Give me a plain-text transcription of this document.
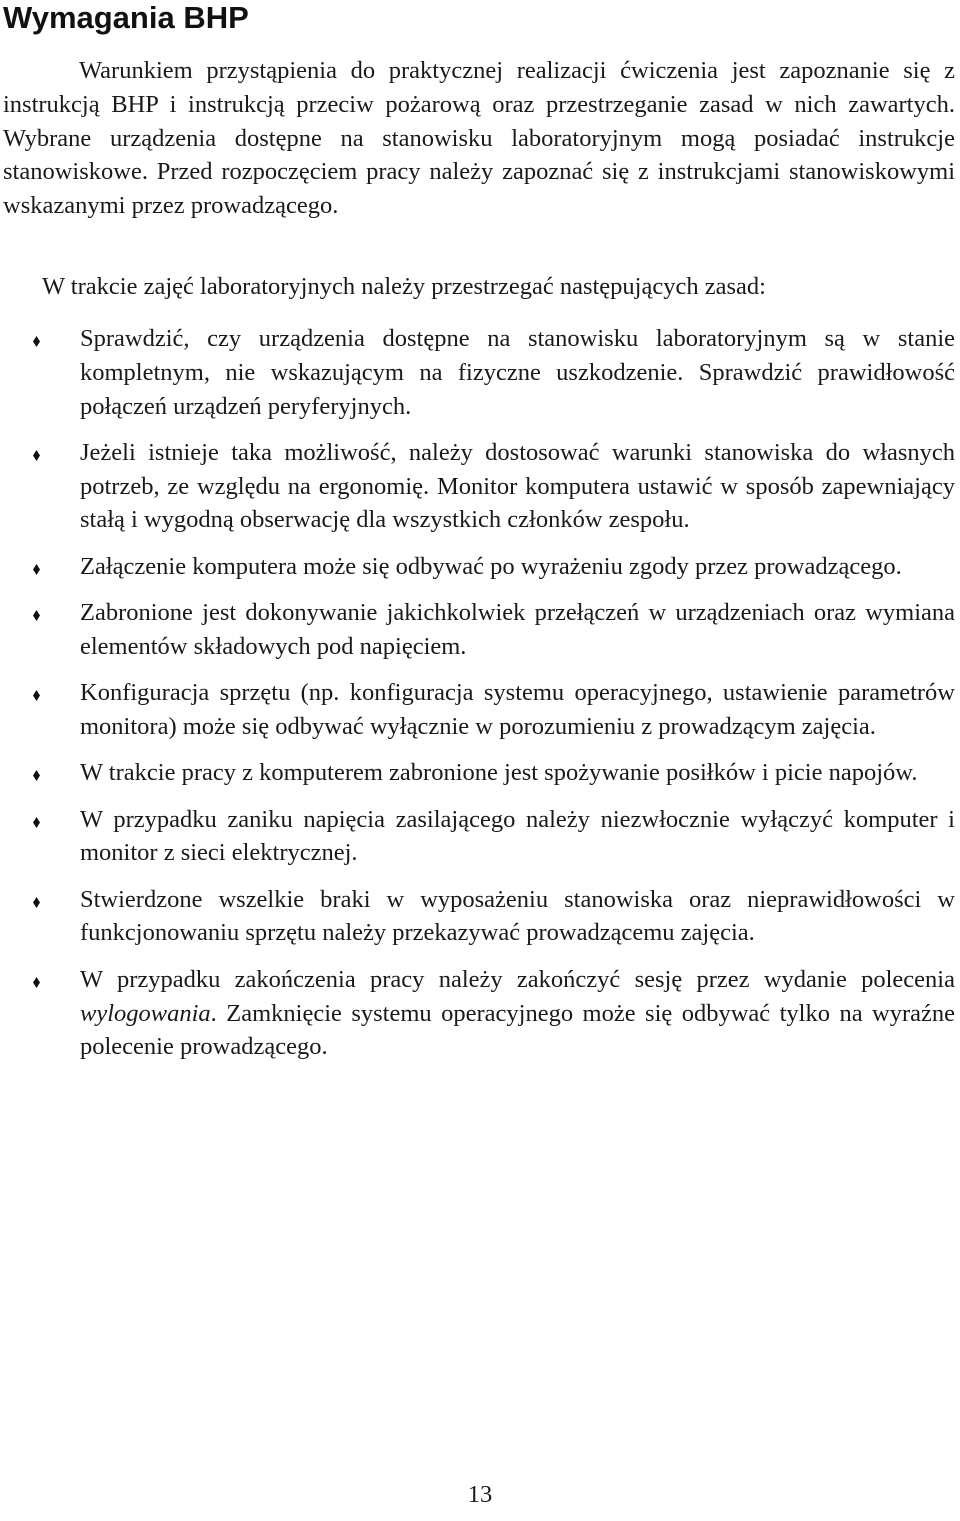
Wymagania BHP

Warunkiem przystąpienia do praktycznej realizacji ćwiczenia jest zapoznanie się z instrukcją BHP i instrukcją przeciw pożarową oraz przestrzeganie zasad w nich zawartych. Wybrane urządzenia dostępne na stanowisku laboratoryjnym mogą posiadać instrukcje stanowiskowe. Przed rozpoczęciem pracy należy zapoznać się z instrukcjami stanowiskowymi wskazanymi przez prowadzącego.

W trakcie zajęć laboratoryjnych należy przestrzegać następujących zasad:

Sprawdzić, czy urządzenia dostępne na stanowisku laboratoryjnym są w stanie kompletnym, nie wskazującym na fizyczne uszkodzenie. Sprawdzić prawidłowość połączeń urządzeń peryferyjnych.
Jeżeli istnieje taka możliwość, należy dostosować warunki stanowiska do własnych potrzeb, ze względu na ergonomię. Monitor komputera ustawić w sposób zapewniający stałą i wygodną obserwację dla wszystkich członków zespołu.
Załączenie komputera może się odbywać po wyrażeniu zgody przez prowadzącego.
Zabronione jest dokonywanie jakichkolwiek przełączeń w urządzeniach oraz wymiana elementów składowych pod napięciem.
Konfiguracja sprzętu (np. konfiguracja systemu operacyjnego, ustawienie parametrów monitora) może się odbywać wyłącznie w porozumieniu z prowadzącym zajęcia.
W trakcie pracy z komputerem zabronione jest spożywanie posiłków i picie napojów.
W przypadku zaniku napięcia zasilającego należy niezwłocznie wyłączyć komputer i monitor z sieci elektrycznej.
Stwierdzone wszelkie braki w wyposażeniu stanowiska oraz nieprawidłowości w funkcjonowaniu sprzętu należy przekazywać prowadzącemu zajęcia.
W przypadku zakończenia pracy należy zakończyć sesję przez wydanie polecenia wylogowania. Zamknięcie systemu operacyjnego może się odbywać tylko na wyraźne polecenie prowadzącego.
13
